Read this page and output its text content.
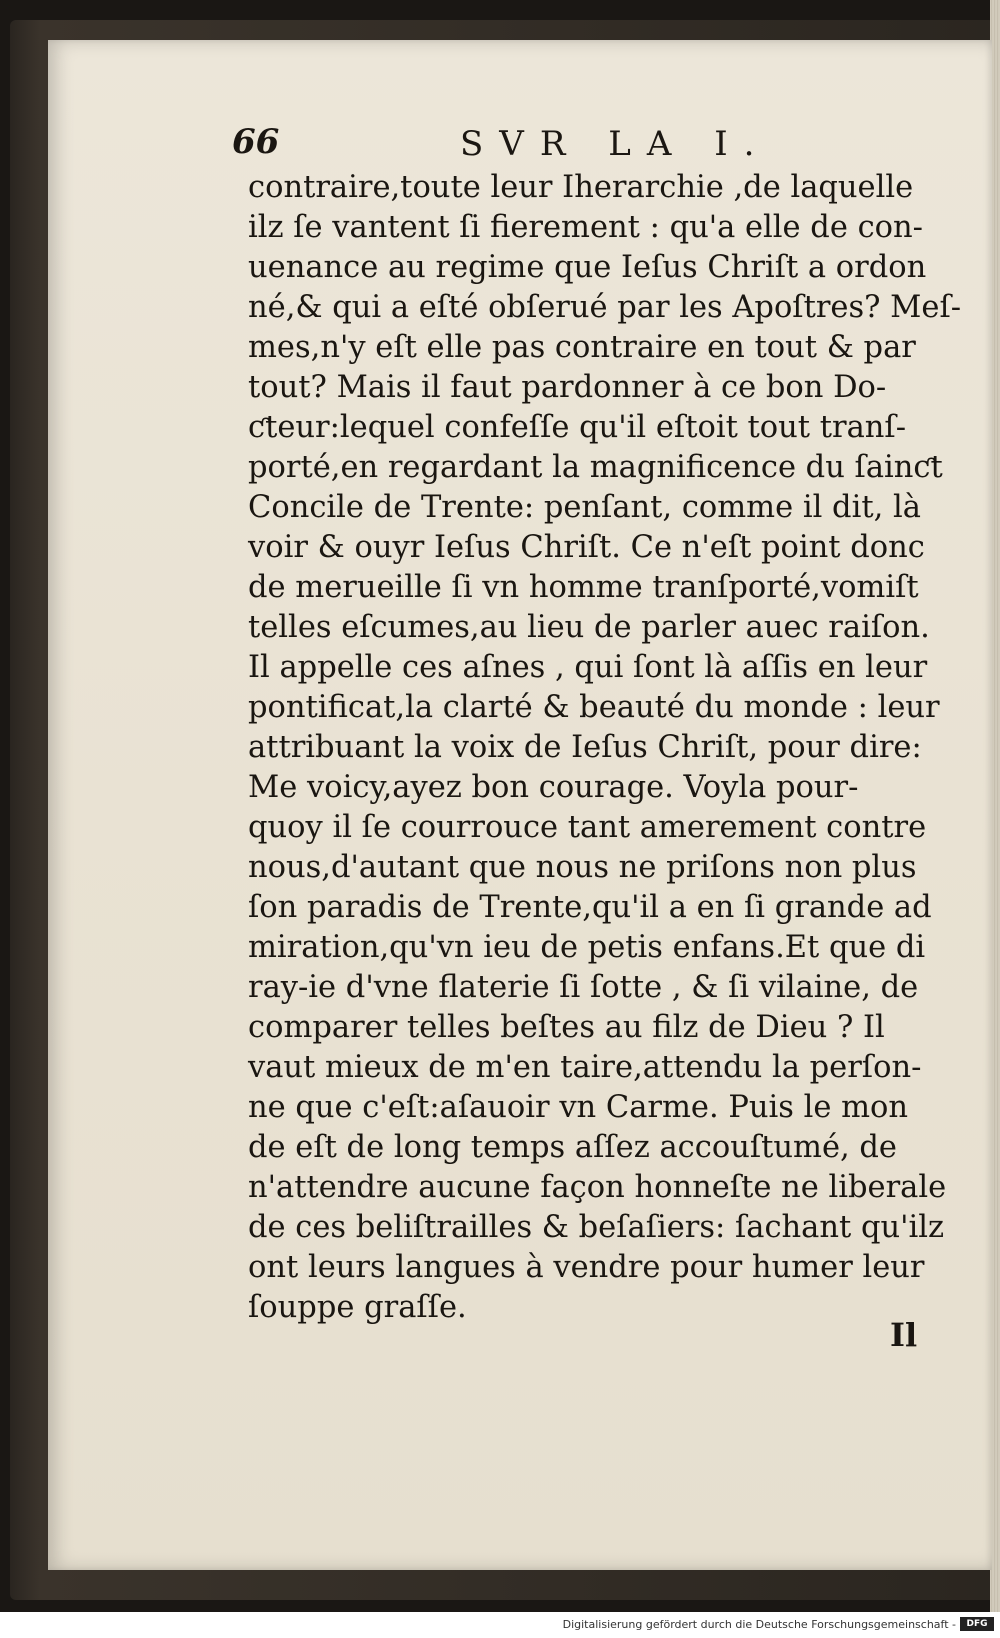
66	SVR LA I.
contraire,toute leur Iherarchie ,de laquelle
ilz ſe vantent ſi fierement : qu'a elle de con-
uenance au regime que Ieſus Chriſt a ordon
né,& qui a eſté obſerué par les Apoſtres? Meſ-
mes,n'y eſt elle pas contraire en tout & par
tout? Mais il faut pardonner à ce bon Do-
ƈteur:lequel confeſſe qu'il eſtoit tout tranſ-
porté,en regardant la magnificence du ſainƈt
Concile de Trente: penſant, comme il dit, là
voir & ouyr Ieſus Chriſt. Ce n'eſt point donc
de merueille ſi vn homme tranſporté,vomiſt
telles eſcumes,au lieu de parler auec raiſon.
Il appelle ces aſnes , qui ſont là aſſis en leur
pontificat,la clarté & beauté du monde : leur
attribuant la voix de Ieſus Chriſt, pour dire:
Me voicy,ayez bon courage. Voyla pour-
quoy il ſe courrouce tant amerement contre
nous,d'autant que nous ne priſons non plus
ſon paradis de Trente,qu'il a en ſi grande ad
miration,qu'vn ieu de petis enfans.Et que di
ray-ie d'vne flaterie ſi ſotte , & ſi vilaine, de
comparer telles beſtes au filz de Dieu ? Il
vaut mieux de m'en taire,attendu la perſon-
ne que c'eſt:aſauoir vn Carme. Puis le mon
de eſt de long temps aſſez accouſtumé, de
n'attendre aucune façon honneſte ne liberale
de ces beliſtrailles & beſaſiers: ſachant qu'ilz
ont leurs langues à vendre pour humer leur
ſouppe graſſe.
Il
Digitalisierung gefördert durch die Deutsche Forschungsgemeinschaft -	DFG
